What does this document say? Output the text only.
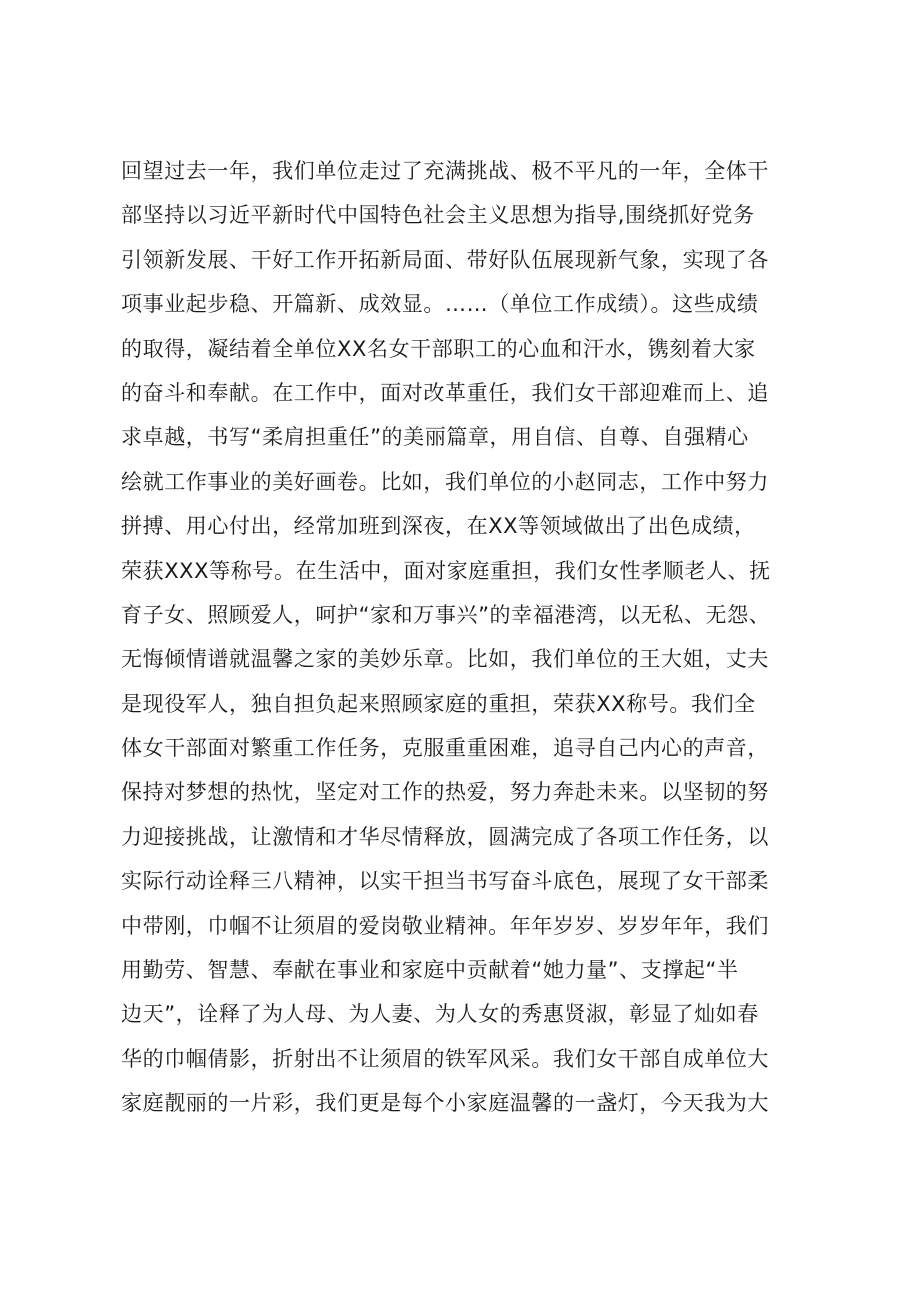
回望过去一年，我们单位走过了充满挑战、极不平凡的一年，全体干
部坚持以习近平新时代中国特色社会主义思想为指导,围绕抓好党务
引领新发展、干好工作开拓新局面、带好队伍展现新气象，实现了各
项事业起步稳、开篇新、成效显。……（单位工作成绩）。这些成绩
的取得，凝结着全单位XX名女干部职工的心血和汗水，镌刻着大家
的奋斗和奉献。在工作中，面对改革重任，我们女干部迎难而上、追
求卓越，书写“柔肩担重任”的美丽篇章，用自信、自尊、自强精心
绘就工作事业的美好画卷。比如，我们单位的小赵同志，工作中努力
拼搏、用心付出，经常加班到深夜，在XX等领域做出了出色成绩，
荣获XXX等称号。在生活中，面对家庭重担，我们女性孝顺老人、抚
育子女、照顾爱人，呵护“家和万事兴”的幸福港湾，以无私、无怨、
无悔倾情谱就温馨之家的美妙乐章。比如，我们单位的王大姐，丈夫
是现役军人，独自担负起来照顾家庭的重担，荣获XX称号。我们全
体女干部面对繁重工作任务，克服重重困难，追寻自己内心的声音，
保持对梦想的热忱，坚定对工作的热爱，努力奔赴未来。以坚韧的努
力迎接挑战，让激情和才华尽情释放，圆满完成了各项工作任务，以
实际行动诠释三八精神，以实干担当书写奋斗底色，展现了女干部柔
中带刚，巾帼不让须眉的爱岗敬业精神。年年岁岁、岁岁年年，我们
用勤劳、智慧、奉献在事业和家庭中贡献着“她力量”、支撑起“半
边天”，诠释了为人母、为人妻、为人女的秀惠贤淑，彰显了灿如春
华的巾帼倩影，折射出不让须眉的铁军风采。我们女干部自成单位大
家庭靓丽的一片彩，我们更是每个小家庭温馨的一盏灯，今天我为大
